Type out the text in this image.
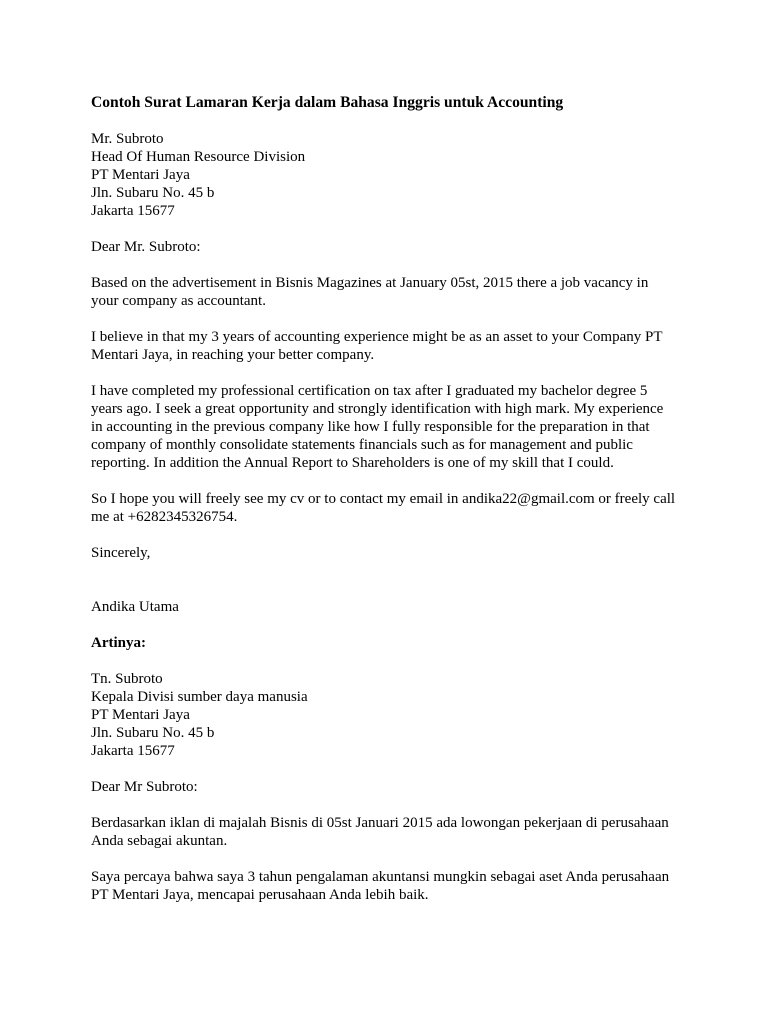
Contoh Surat Lamaran Kerja dalam Bahasa Inggris untuk Accounting
Mr. Subroto
Head Of Human Resource Division
PT Mentari Jaya
Jln. Subaru No. 45 b
Jakarta 15677
Dear Mr. Subroto:
Based on the advertisement in Bisnis Magazines at January 05st, 2015 there a job vacancy in
your company as accountant.
I believe in that my 3 years of accounting experience might be as an asset to your Company PT
Mentari Jaya, in reaching your better company.
I have completed my professional certification on tax after I graduated my bachelor degree 5
years ago. I seek a great opportunity and strongly identification with high mark. My experience
in accounting in the previous company like how I fully responsible for the preparation in that
company of monthly consolidate statements financials such as for management and public
reporting. In addition the Annual Report to Shareholders is one of my skill that I could.
So I hope you will freely see my cv or to contact my email in andika22@gmail.com or freely call
me at +6282345326754.
Sincerely,
Andika Utama
Artinya:
Tn. Subroto
Kepala Divisi sumber daya manusia
PT Mentari Jaya
Jln. Subaru No. 45 b
Jakarta 15677
Dear Mr Subroto:
Berdasarkan iklan di majalah Bisnis di 05st Januari 2015 ada lowongan pekerjaan di perusahaan
Anda sebagai akuntan.
Saya percaya bahwa saya 3 tahun pengalaman akuntansi mungkin sebagai aset Anda perusahaan
PT Mentari Jaya, mencapai perusahaan Anda lebih baik.
